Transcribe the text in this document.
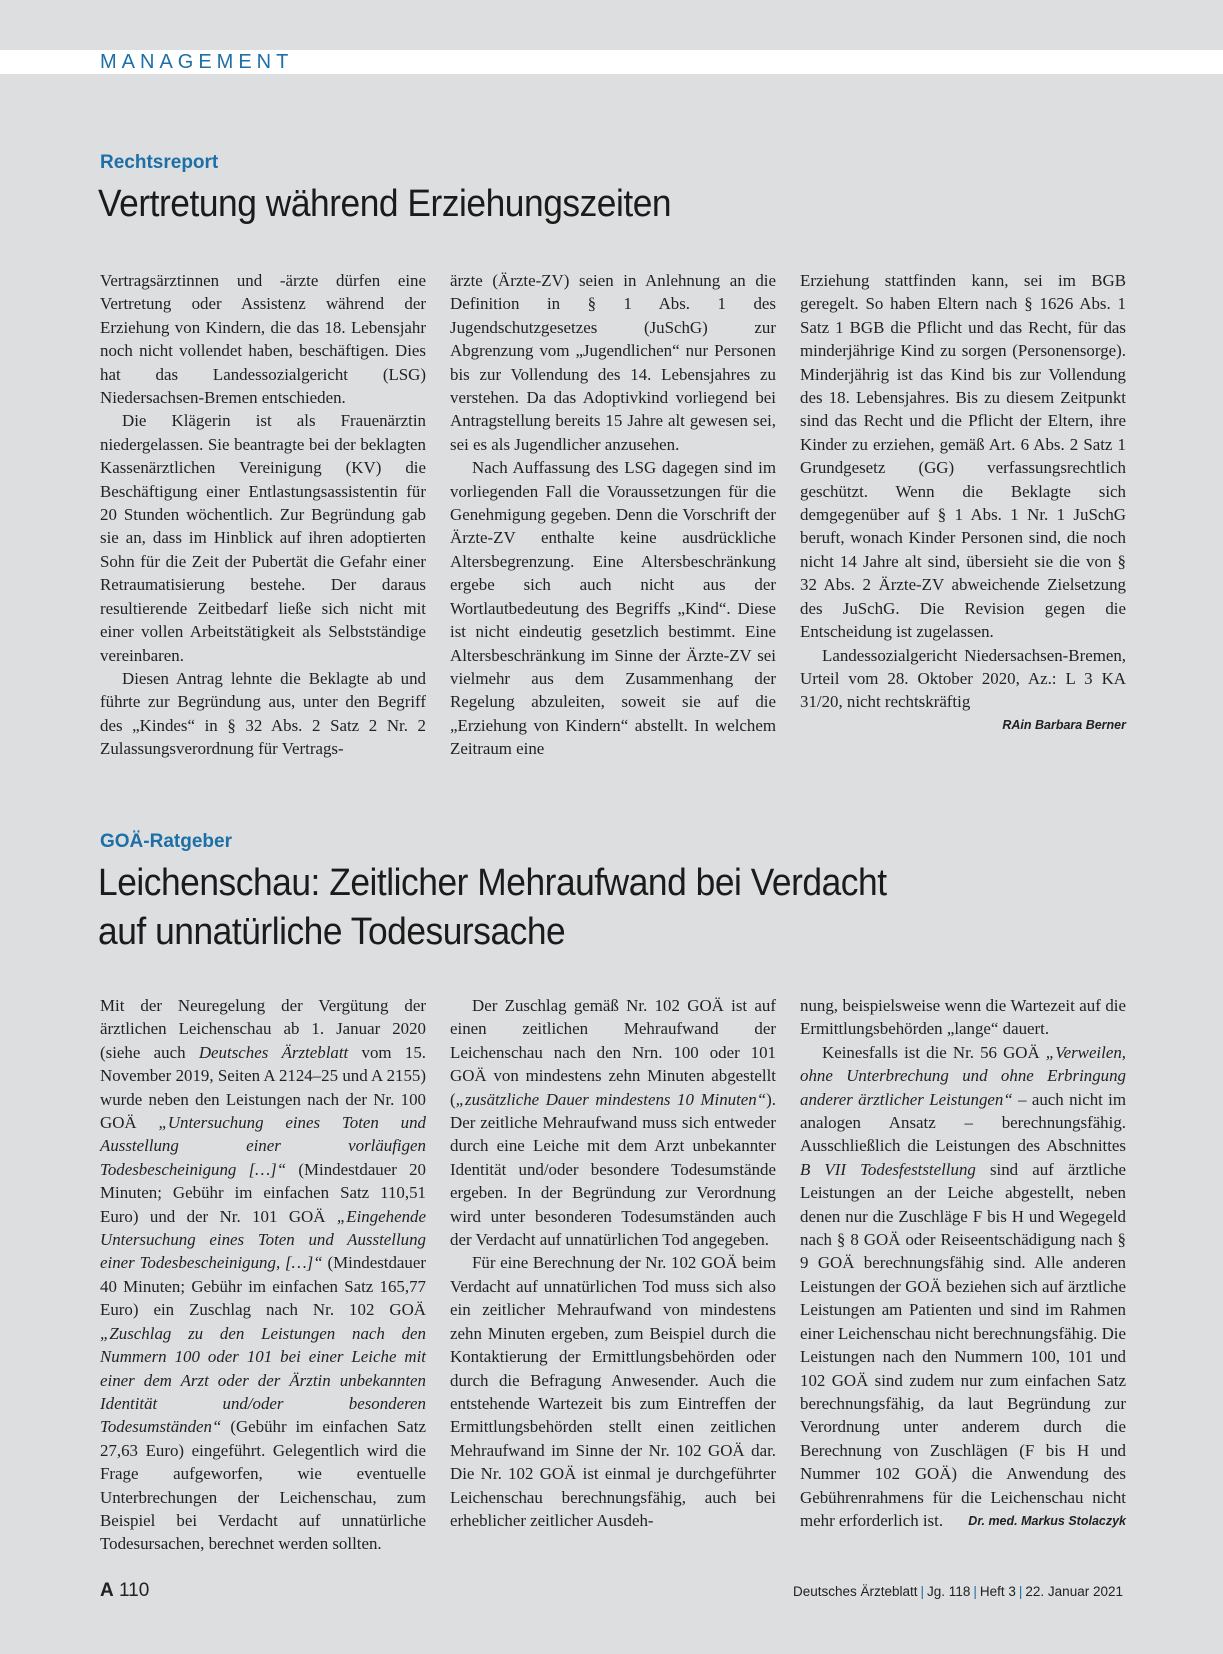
MANAGEMENT
Rechtsreport
Vertretung während Erziehungszeiten

Vertragsärztinnen und -ärzte dürfen eine Vertretung oder Assistenz während der Erziehung von Kindern, die das 18. Lebensjahr noch nicht vollendet haben, beschäftigen. Dies hat das Landessozialgericht (LSG) Niedersachsen-Bremen entschieden.

Die Klägerin ist als Frauenärztin niedergelassen. Sie beantragte bei der beklagten Kassenärztlichen Vereinigung (KV) die Beschäftigung einer Entlastungsassistentin für 20 Stunden wöchentlich. Zur Begründung gab sie an, dass im Hinblick auf ihren adoptierten Sohn für die Zeit der Pubertät die Gefahr einer Retraumatisierung bestehe. Der daraus resultierende Zeitbedarf ließe sich nicht mit einer vollen Arbeitstätigkeit als Selbstständige vereinbaren.

Diesen Antrag lehnte die Beklagte ab und führte zur Begründung aus, unter den Begriff des „Kindes“ in § 32 Abs. 2 Satz 2 Nr. 2 Zulassungsverordnung für Vertrags-

ärzte (Ärzte-ZV) seien in Anlehnung an die Definition in § 1 Abs. 1 des Jugendschutzgesetzes (JuSchG) zur Abgrenzung vom „Jugendlichen“ nur Personen bis zur Vollendung des 14. Lebensjahres zu verstehen. Da das Adoptivkind vorliegend bei Antragstellung bereits 15 Jahre alt gewesen sei, sei es als Jugendlicher anzusehen.

Nach Auffassung des LSG dagegen sind im vorliegenden Fall die Voraussetzungen für die Genehmigung gegeben. Denn die Vorschrift der Ärzte-ZV enthalte keine ausdrückliche Altersbegrenzung. Eine Altersbeschränkung ergebe sich auch nicht aus der Wortlautbedeutung des Begriffs „Kind“. Diese ist nicht eindeutig gesetzlich bestimmt. Eine Altersbeschränkung im Sinne der Ärzte-ZV sei vielmehr aus dem Zusammenhang der Regelung abzuleiten, soweit sie auf die „Erziehung von Kindern“ abstellt. In welchem Zeitraum eine

Erziehung stattfinden kann, sei im BGB geregelt. So haben Eltern nach § 1626 Abs. 1 Satz 1 BGB die Pflicht und das Recht, für das minderjährige Kind zu sorgen (Personensorge). Minderjährig ist das Kind bis zur Vollendung des 18. Lebensjahres. Bis zu diesem Zeitpunkt sind das Recht und die Pflicht der Eltern, ihre Kinder zu erziehen, gemäß Art. 6 Abs. 2 Satz 1 Grundgesetz (GG) verfassungsrechtlich geschützt. Wenn die Beklagte sich demgegenüber auf § 1 Abs. 1 Nr. 1 JuSchG beruft, wonach Kinder Personen sind, die noch nicht 14 Jahre alt sind, übersieht sie die von § 32 Abs. 2 Ärzte-ZV abweichende Zielsetzung des JuSchG. Die Revision gegen die Entscheidung ist zugelassen.

Landessozialgericht Niedersachsen-Bremen, Urteil vom 28. Oktober 2020, Az.: L 3 KA 31/20, nicht rechtskräftig

RAin Barbara Berner
GOÄ-Ratgeber
Leichenschau: Zeitlicher Mehraufwand bei Verdacht
auf unnatürliche Todesursache

Mit der Neuregelung der Vergütung der ärztlichen Leichenschau ab 1. Januar 2020 (siehe auch Deutsches Ärzteblatt vom 15. November 2019, Seiten A 2124–25 und A 2155) wurde neben den Leistungen nach der Nr. 100 GOÄ „Untersuchung eines Toten und Ausstellung einer vorläufigen Todesbescheinigung […]“ (Mindestdauer 20 Minuten; Gebühr im einfachen Satz 110,51 Euro) und der Nr. 101 GOÄ „Eingehende Untersuchung eines Toten und Ausstellung einer Todesbescheinigung, […]“ (Mindestdauer 40 Minuten; Gebühr im einfachen Satz 165,77 Euro) ein Zuschlag nach Nr. 102 GOÄ „Zuschlag zu den Leistungen nach den Nummern 100 oder 101 bei einer Leiche mit einer dem Arzt oder der Ärztin unbekannten Identität und/oder besonderen Todesumständen“ (Gebühr im einfachen Satz 27,63 Euro) eingeführt. Gelegentlich wird die Frage aufgeworfen, wie eventuelle Unterbrechungen der Leichenschau, zum Beispiel bei Verdacht auf unnatürliche Todesursachen, berechnet werden sollten.

Der Zuschlag gemäß Nr. 102 GOÄ ist auf einen zeitlichen Mehraufwand der Leichenschau nach den Nrn. 100 oder 101 GOÄ von mindestens zehn Minuten abgestellt („zusätzliche Dauer mindestens 10 Minuten“). Der zeitliche Mehraufwand muss sich entweder durch eine Leiche mit dem Arzt unbekannter Identität und/oder besondere Todesumstände ergeben. In der Begründung zur Verordnung wird unter besonderen Todesumständen auch der Verdacht auf unnatürlichen Tod angegeben.

Für eine Berechnung der Nr. 102 GOÄ beim Verdacht auf unnatürlichen Tod muss sich also ein zeitlicher Mehraufwand von mindestens zehn Minuten ergeben, zum Beispiel durch die Kontaktierung der Ermittlungsbehörden oder durch die Befragung Anwesender. Auch die entstehende Wartezeit bis zum Eintreffen der Ermittlungsbehörden stellt einen zeitlichen Mehraufwand im Sinne der Nr. 102 GOÄ dar. Die Nr. 102 GOÄ ist einmal je durchgeführter Leichenschau berechnungsfähig, auch bei erheblicher zeitlicher Ausdeh-

nung, beispielsweise wenn die Wartezeit auf die Ermittlungsbehörden „lange“ dauert.

Keinesfalls ist die Nr. 56 GOÄ „Verweilen, ohne Unterbrechung und ohne Erbringung anderer ärztlicher Leistungen“ – auch nicht im analogen Ansatz – berechnungsfähig. Ausschließlich die Leistungen des Abschnittes B VII Todesfeststellung sind auf ärztliche Leistungen an der Leiche abgestellt, neben denen nur die Zuschläge F bis H und Wegegeld nach § 8 GOÄ oder Reiseentschädigung nach § 9 GOÄ berechnungsfähig sind. Alle anderen Leistungen der GOÄ beziehen sich auf ärztliche Leistungen am Patienten und sind im Rahmen einer Leichenschau nicht berechnungsfähig. Die Leistungen nach den Nummern 100, 101 und 102 GOÄ sind zudem nur zum einfachen Satz berechnungsfähig, da laut Begründung zur Verordnung unter anderem durch die Berechnung von Zuschlägen (F bis H und Nummer 102 GOÄ) die Anwendung des Gebührenrahmens für die Leichenschau nicht mehr erforderlich ist.	Dr. med. Markus Stolaczyk

A 110	Deutsches Ärzteblatt | Jg. 118 | Heft 3 | 22. Januar 2021
